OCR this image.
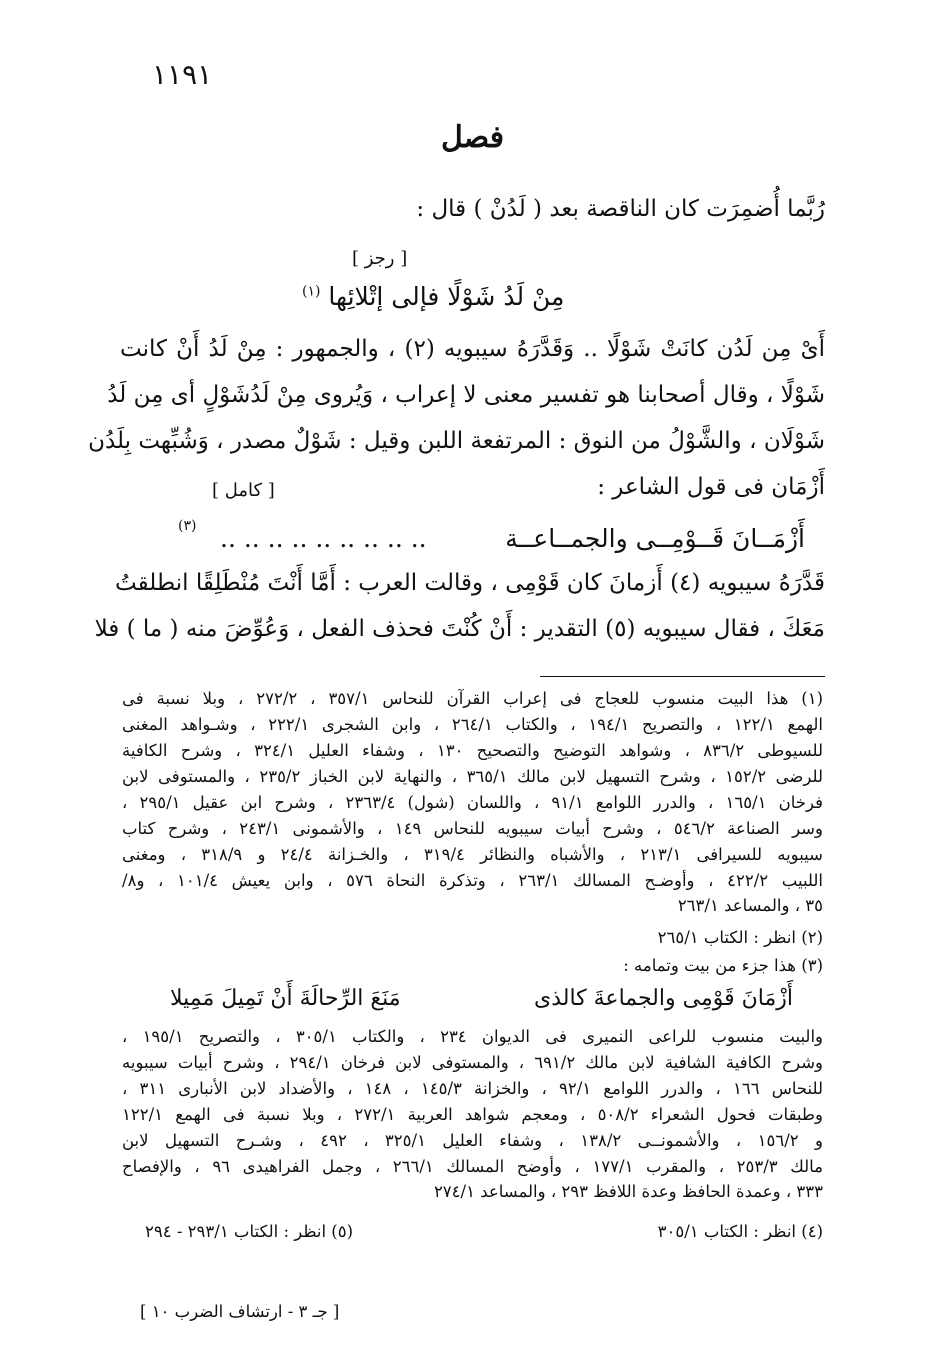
١١٩١
فصل
رُبَّما أُضمِرَت كان الناقصة بعد ( لَدُنْ ) قال :
[ رجز ]
مِنْ لَدُ شَوْلًا فإلى إتْلائِها $^{(١)}$
أَىْ مِن لَدُن كانَتْ شَوْلًا .. وَقَدَّرَهُ سيبويه (٢) ، والجمهور : مِنْ لَدُ أَنْ كانت
شَوْلًا ، وقال أصحابنا هو تفسير معنى لا إعراب ، وَيُروى مِنْ لَدُشَوْلٍ أى مِن لَدُ
شَوْلَان ، والشَّوْلُ من النوق : المرتفعة اللبن وقيل : شَوْلٌ مصدر ، وَشُبِّهت بِلَدُن
أَزْمَان فى قول الشاعر :
[ كامل ]
أَزْمَــانَ قَــوْمِــى والجمــاعــة
.. .. .. .. .. .. .. .. ..
(٣)
قَدَّرَهُ سيبويه (٤) أَزمانَ كان قَوْمِى ، وقالت العرب : أَمَّا أَنْتَ مُنْطَلِقًا انطلقتُ
مَعَكَ ، فقال سيبويه (٥) التقدير : أَنْ كُنْتَ فحذف الفعل ، وَعُوِّضَ منه ( ما ) فلا
(١) هذا البيت منسوب للعجاج فى إعراب القرآن للنحاس ٣٥٧/١ ، ٢٧٢/٢ ، وبلا نسبة فى
الهمع ١٢٢/١ ، والتصريح ١٩٤/١ ، والكتاب ٢٦٤/١ ، وابن الشجرى ٢٢٢/١ ، وشـواهد المغنى
للسيوطى ٨٣٦/٢ ، وشواهد التوضيح والتصحيح ١٣٠ ، وشفاء العليل ٣٢٤/١ ، وشرح الكافية
للرضى ١٥٢/٢ ، وشرح التسهيل لابن مالك ٣٦٥/١ ، والنهاية لابن الخباز ٢٣٥/٢ ، والمستوفى لابن
فرخان ١٦٥/١ ، والدرر اللوامع ٩١/١ ، واللسان (شول) ٢٣٦٣/٤ ، وشرح ابن عقيل ٢٩٥/١ ،
وسر الصناعة ٥٤٦/٢ ، وشرح أبيات سيبويه للنحاس ١٤٩ ، والأشمونى ٢٤٣/١ ، وشرح كتاب
سيبويه للسيرافى ٢١٣/١ ، والأشباه والنظائر ٣١٩/٤ ، والخـزانة ٢٤/٤ و ٣١٨/٩ ، ومغنى
اللبيب ٤٢٢/٢ ، وأوضـح المسالك ٢٦٣/١ ، وتذكرة النحاة ٥٧٦ ، وابن يعيش ١٠١/٤ ، و٨/
٣٥ ، والمساعد ٢٦٣/١
(٢) انظر : الكتاب ٢٦٥/١
(٣) هذا جزء من بيت وتمامه :
أَزْمَانَ قَوْمِى والجماعةَ كالذى
مَنَعَ الرِّحالَةَ أَنْ تَمِيلَ مَمِيلا
والبيت منسوب للراعى النميرى فى الديوان ٢٣٤ ، والكتاب ٣٠٥/١ ، والتصريح ١٩٥/١ ،
وشرح الكافية الشافية لابن مالك ٦٩١/٢ ، والمستوفى لابن فرخان ٢٩٤/١ ، وشرح أبيات سيبويه
للنحاس ١٦٦ ، والدرر اللوامع ٩٢/١ ، والخزانة ١٤٥/٣ ، ١٤٨ ، والأضداد لابن الأنبارى ٣١١ ،
وطبقات فحول الشعراء ٥٠٨/٢ ، ومعجم شواهد العربية ٢٧٢/١ ، وبلا نسبة فى الهمع ١٢٢/١
و ١٥٦/٢ ، والأشمونــى ١٣٨/٢ ، وشفاء العليل ٣٢٥/١ ، ٤٩٢ ، وشـرح التسهيل لابن
مالك ٢٥٣/٣ ، والمقرب ١٧٧/١ ، وأوضح المسالك ٢٦٦/١ ، وجمل الفراهيدى ٩٦ ، والإفصاح
٣٣٣ ، وعمدة الحافظ وعدة اللافظ ٢٩٣ ، والمساعد ٢٧٤/١
(٤) انظر : الكتاب ٣٠٥/١
(٥) انظر : الكتاب ٢٩٣/١ - ٢٩٤
[ جـ ٣ - ارتشاف الضرب ١٠ ]
